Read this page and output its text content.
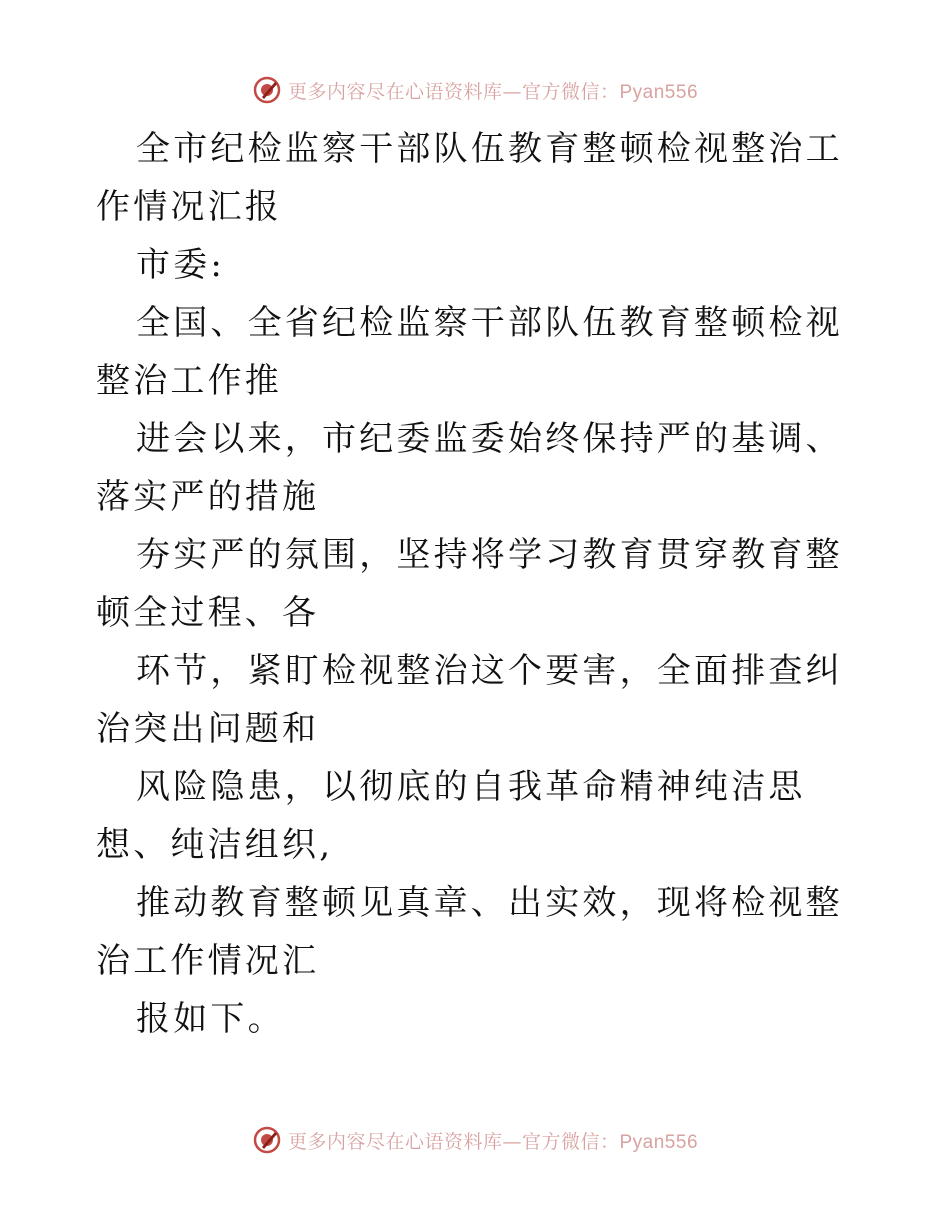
更多内容尽在心语资料库—官方微信：Pyan556

全市纪检监察干部队伍教育整顿检视整治工作情况汇报

市委:

全国、全省纪检监察干部队伍教育整顿检视整治工作推

进会以来，市纪委监委始终保持严的基调、落实严的措施

夯实严的氛围，坚持将学习教育贯穿教育整顿全过程、各

环节，紧盯检视整治这个要害，全面排查纠治突出问题和

风险隐患，以彻底的自我革命精神纯洁思想、纯洁组织,

推动教育整顿见真章、出实效，现将检视整治工作情况汇

报如下。

更多内容尽在心语资料库—官方微信：Pyan556
